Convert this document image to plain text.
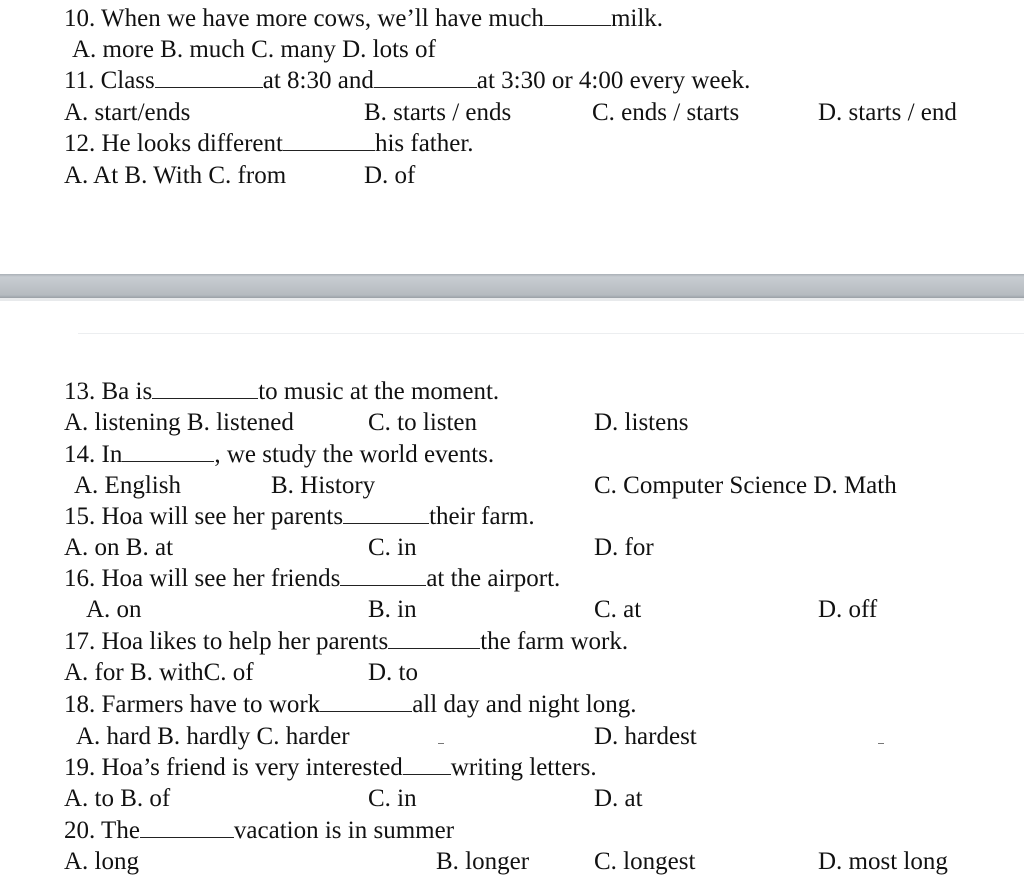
10. When we have more cows, we’ll have much	milk.
A. more B. much C. many D. lots of
11. Class	at 8:30 and	at 3:30 or 4:00 every week.
A. start/ends	B. starts / ends	C. ends / starts	D. starts / end
12. He looks different	his father.
A. At B. With C. from	D. of
13. Ba is	to music at the moment.
A. listening B. listened	C. to listen	D. listens
14. In	, we study the world events.
A. English	B. History	C. Computer Science D. Math
15. Hoa will see her parents	their farm.
A. on B. at	C. in	D. for
16. Hoa will see her friends	at the airport.
A. on	B. in	C. at	D. off
17. Hoa likes to help her parents	the farm work.
A. for B. withC. of	D. to
18. Farmers have to work	all day and night long.
A. hard B. hardly C. harder	D. hardest
19. Hoa’s friend is very interested writing letters.
A. to B. of	C. in	D. at
20. The	vacation is in summer
A. long	B. longer	C. longest	D. most long
